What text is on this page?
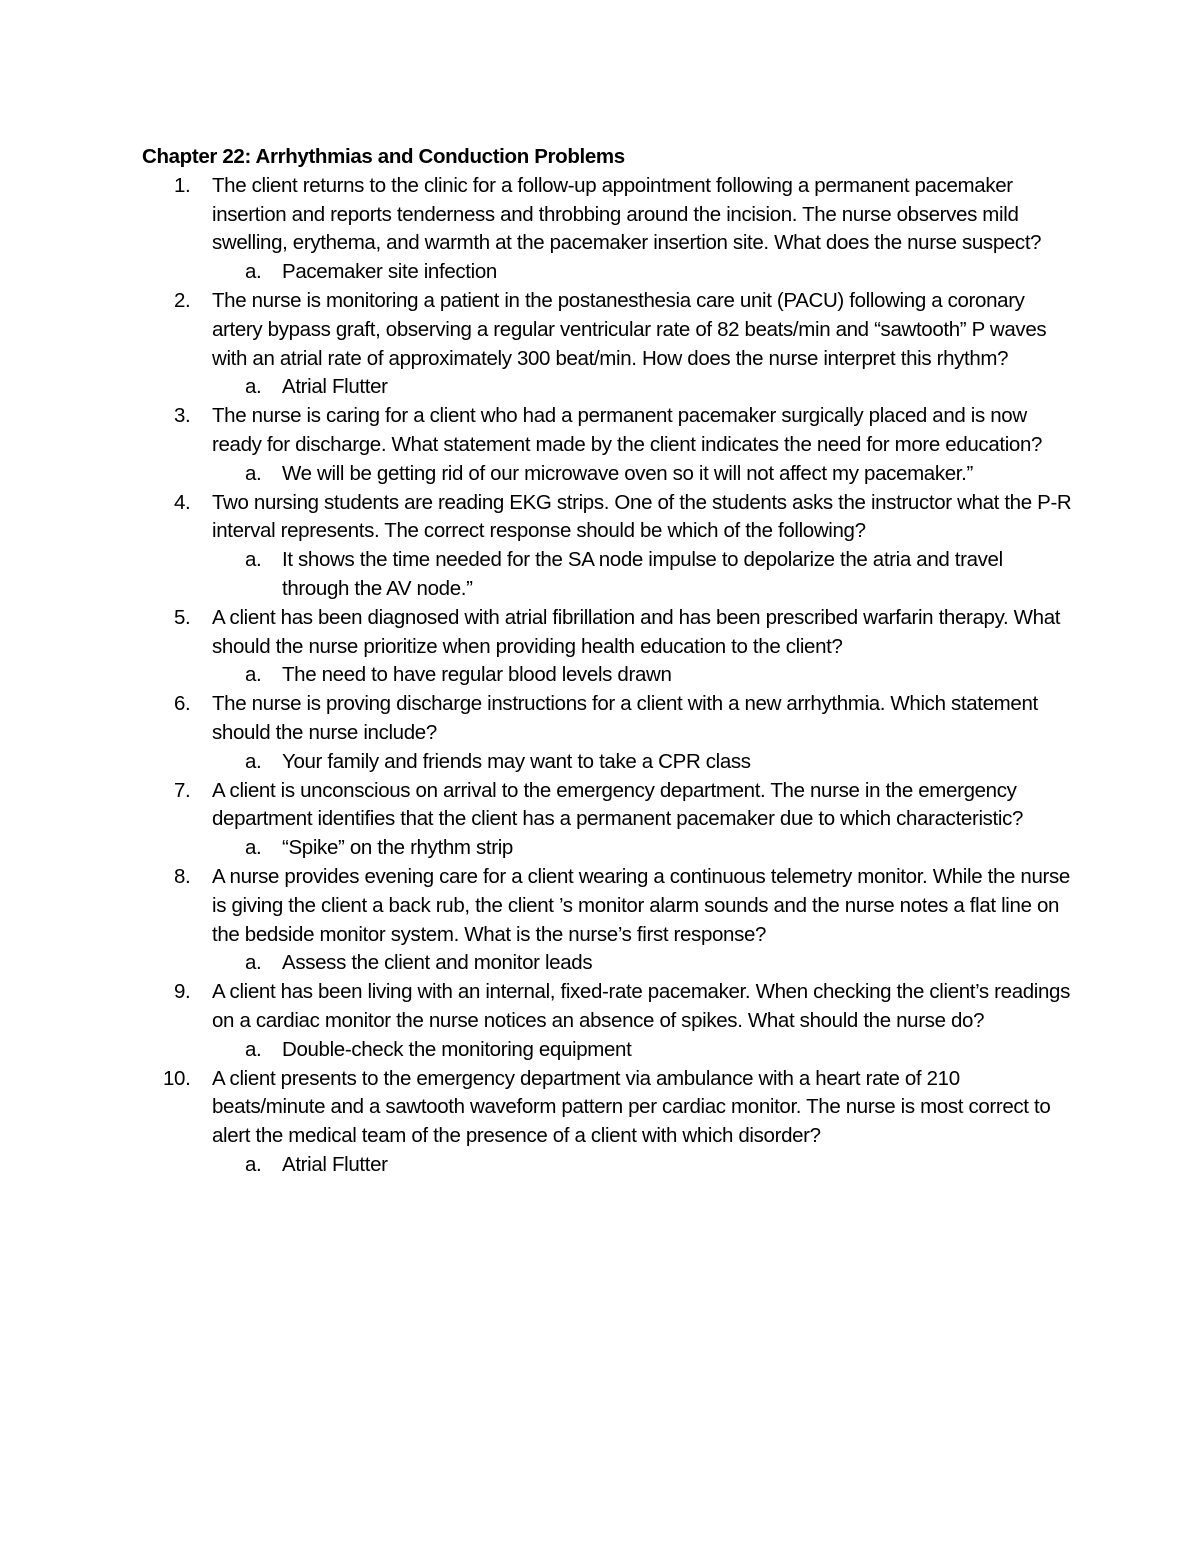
Chapter 22: Arrhythmias and Conduction Problems
1. The client returns to the clinic for a follow-up appointment following a permanent pacemaker insertion and reports tenderness and throbbing around the incision. The nurse observes mild swelling, erythema, and warmth at the pacemaker insertion site. What does the nurse suspect?
a. Pacemaker site infection
2. The nurse is monitoring a patient in the postanesthesia care unit (PACU) following a coronary artery bypass graft, observing a regular ventricular rate of 82 beats/min and “sawtooth” P waves with an atrial rate of approximately 300 beat/min. How does the nurse interpret this rhythm?
a. Atrial Flutter
3. The nurse is caring for a client who had a permanent pacemaker surgically placed and is now ready for discharge. What statement made by the client indicates the need for more education?
a. We will be getting rid of our microwave oven so it will not affect my pacemaker.”
4. Two nursing students are reading EKG strips. One of the students asks the instructor what the P-R interval represents. The correct response should be which of the following?
a. It shows the time needed for the SA node impulse to depolarize the atria and travel through the AV node.”
5. A client has been diagnosed with atrial fibrillation and has been prescribed warfarin therapy. What should the nurse prioritize when providing health education to the client?
a. The need to have regular blood levels drawn
6. The nurse is proving discharge instructions for a client with a new arrhythmia. Which statement should the nurse include?
a. Your family and friends may want to take a CPR class
7. A client is unconscious on arrival to the emergency department. The nurse in the emergency department identifies that the client has a permanent pacemaker due to which characteristic?
a. “Spike” on the rhythm strip
8. A nurse provides evening care for a client wearing a continuous telemetry monitor. While the nurse is giving the client a back rub, the client ’s monitor alarm sounds and the nurse notes a flat line on the bedside monitor system. What is the nurse’s first response?
a. Assess the client and monitor leads
9. A client has been living with an internal, fixed-rate pacemaker. When checking the client’s readings on a cardiac monitor the nurse notices an absence of spikes. What should the nurse do?
a. Double-check the monitoring equipment
10. A client presents to the emergency department via ambulance with a heart rate of 210 beats/minute and a sawtooth waveform pattern per cardiac monitor. The nurse is most correct to alert the medical team of the presence of a client with which disorder?
a. Atrial Flutter
